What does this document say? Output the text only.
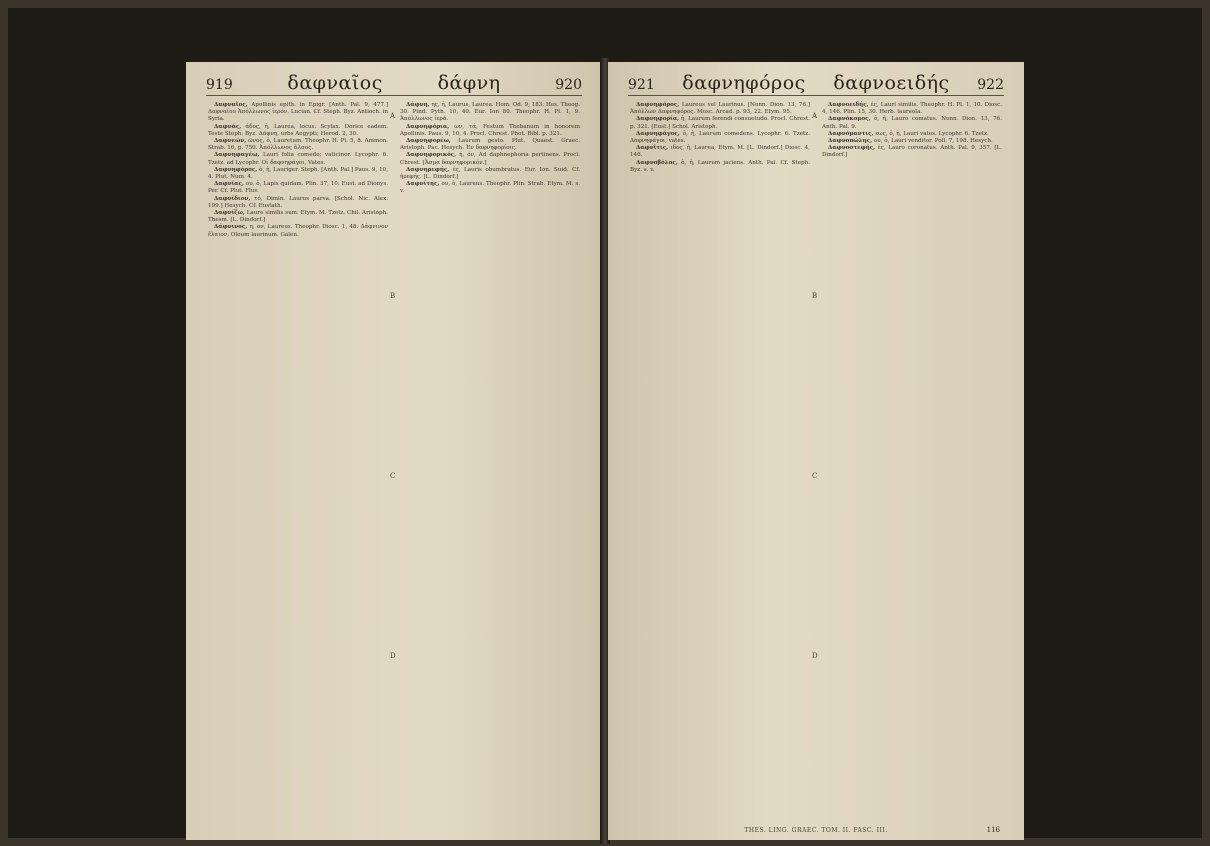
919	δαφναῖος	δάφνη	920

Δαφναῖος, Apollinis epith. in Epigr. [Anth. Pal. 9, 477.] Δαφναίου Ἀπόλλωνος ἱερόν. Lucian. Cf. Steph. Byz. Antioch. in Syria.

Δαφνάς, άδος, ἡ, Laurea, locus. Scylax. Dorice eadem. Teste Steph. Byz. Δάφνη, urbs Aegypti; Herod. 2, 30.

Δαφνεών, ῶνος, ὁ, Lauretum. Theophr. H. Pl. 5, 8. Ammon. Strab. 16, p. 750. Ἀπόλλωνος ἄλσος.

Δαφνηφαγέω, Lauri folia comedo; vaticinor. Lycophr. 6. Tzetz. ad Lycophr. Οἱ δαφνηφάγοι, Vates.

Δαφνηφόρος, ὁ, ἡ, Lauriger. Steph. [Anth. Pal.] Paus. 9, 10, 4. Plut. Num. 4.

Δαφνίας, ου, ὁ, Lapis quidam. Plin. 37, 10. Eust. ad Dionys. Per. Cf. Plut. Fluv.

Δαφνίδιον, τό, Dimin. Laurus parva. [Schol. Nic. Alex. 199.] Hesych. Cf. Eustath.

Δαφνίζω, Lauro similis sum. Etym. M. Tzetz. Chil. Aristoph. Thesm. [L. Dindorf.]

Δάφνινος, η, ον, Laureus. Theophr. Diosc. 1, 48. Δάφνινον ἔλαιον, Oleum laurinum. Galen.

A
B
C
D

Δάφνη, ης, ἡ, Laurus, Laurea. Hom. Od. 9, 183. Hes. Theog. 30. Pind. Pyth. 10, 40. Eur. Ion 80. Theophr. H. Pl. 1, 9. Ἀπόλλωνος ἱερά.

Δαφνηφόρια, ων, τά, Festum Thebanum in honorem Apollinis. Paus. 9, 10, 4. Procl. Chrest. Phot. Bibl. p. 321.

Δαφνηφορέω, Laurum gesto. Plut. Quaest. Graec. Aristoph. Pac. Hesych. Ἐν δαφνηφορίοις.

Δαφνηφορικός, ή, όν, Ad daphnephoria pertinens. Procl. Chrest. [Ἆσμα δαφνηφορικόν.]

Δαφνηρεφής, ές, Lauris obumbratus. Eur. Ion. Suid. Cf. ἠρεφής. [L. Dindorf.]

Δαφνίτης, ου, ὁ, Laureus. Theophr. Plin. Strab. Etym. M. s. v.

921 δαφνηφόρος δαφνοειδής 922

Δαφνηφόρος, Laureus vel Laurinus. [Nonn. Dion. 13, 76.] Ἀπόλλων Δαφνηφόρος. Mosc. Arcad. p. 93, 22. Etym. 95.

Δαφνηφορία, ἡ, Laurum ferendi consuetudo. Procl. Chrest. p. 321. [Eust.] Schol. Aristoph.

Δαφνηφάγος, ὁ, ἡ, Laurum comedens. Lycophr. 6. Tzetz. Δαφνηφάγοι, vates.

Δαφνῖτις, ιδος, ἡ, Laurea, Etym. M. [L. Dindorf.] Diosc. 4, 146.

Δαφνοβόλος, ὁ, ἡ, Laurum jaciens. Anth. Pal. Cf. Steph. Byz. s. v.

A
B
C
D

Δαφνοειδής, ές, Lauri similis. Theophr. H. Pl. 1, 10. Diosc. 4, 146. Plin. 15, 30. Herb. laureola.

Δαφνόκομος, ὁ, ἡ, Lauro comatus. Nonn. Dion. 13, 76. Anth. Pal. 9.

Δαφνόμαντις, εως, ὁ, ἡ, Lauri vates. Lycophr. 6. Tzetz.

Δαφνοπώλης, ου, ὁ, Lauri venditor. Poll. 7, 198. Hesych.

Δαφνοστεφής, ές, Lauro coronatus. Anth. Pal. 9, 357. [L. Dindorf.]

THES. LING. GRAEC. TOM. II. FASC. III.	116
